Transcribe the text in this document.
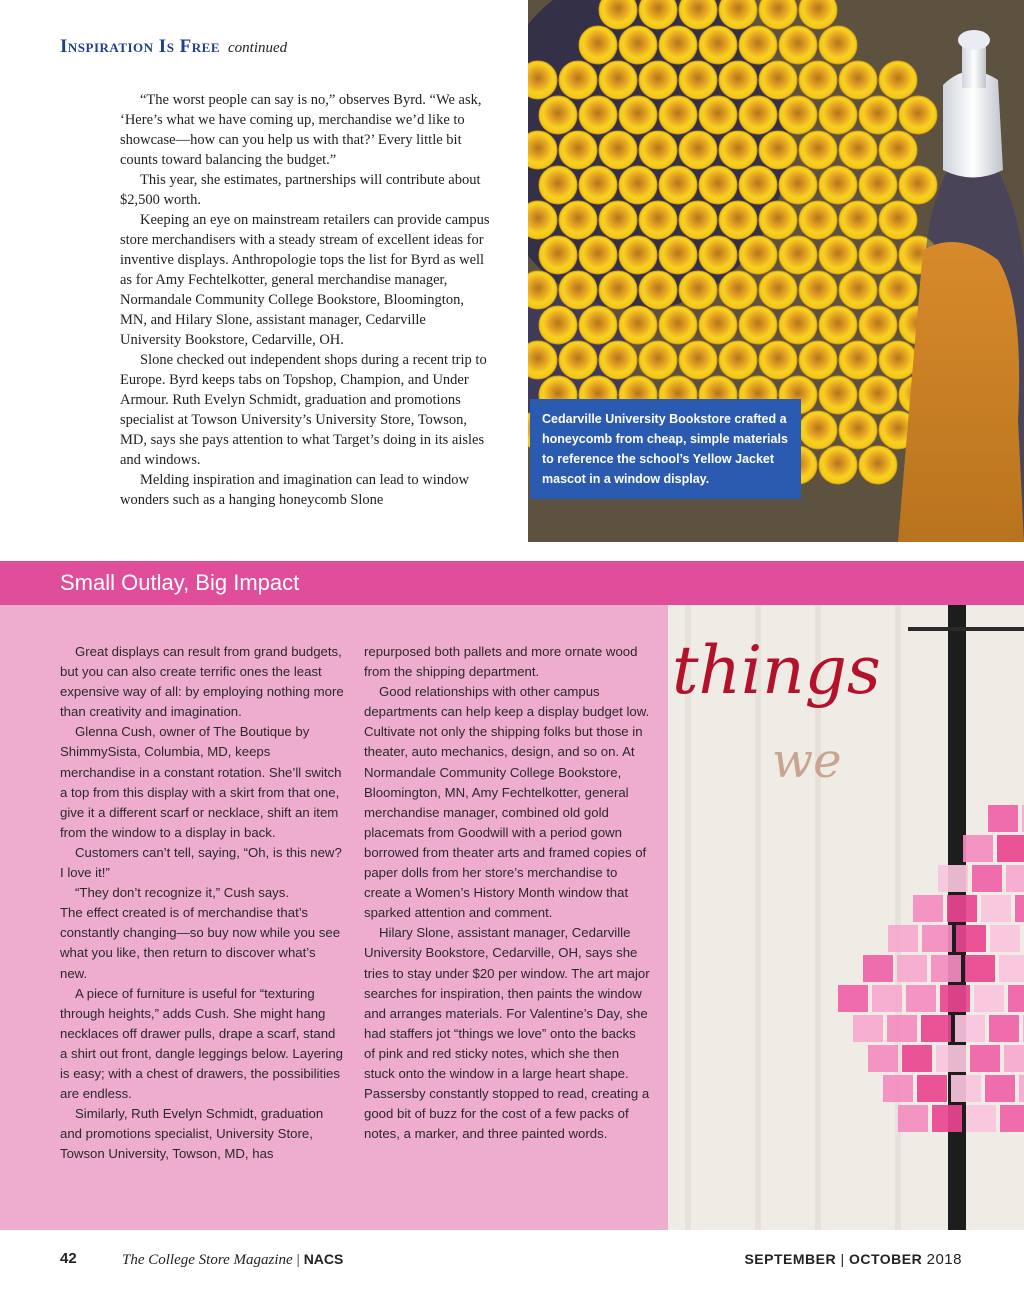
Inspiration Is Free continued

“The worst people can say is no,” observes Byrd. “We ask, ‘Here’s what we have coming up, merchandise we’d like to showcase—how can you help us with that?’ Every little bit counts toward balancing the budget.”

This year, she estimates, partnerships will contribute about $2,500 worth.

Keeping an eye on mainstream retailers can provide campus store merchandisers with a steady stream of excellent ideas for inventive displays. Anthropologie tops the list for Byrd as well as for Amy Fechtelkotter, general merchandise manager, Normandale Community College Bookstore, Bloomington, MN, and Hilary Slone, assistant manager, Cedarville University Bookstore, Cedarville, OH.

Slone checked out independent shops during a recent trip to Europe. Byrd keeps tabs on Topshop, Champion, and Under Armour. Ruth Evelyn Schmidt, graduation and promotions specialist at Towson University’s University Store, Towson, MD, says she pays attention to what Target’s doing in its aisles and windows.

Melding inspiration and imagination can lead to window wonders such as a hanging honeycomb Slone

Cedarville University Bookstore crafted a honeycomb from cheap, simple materials to reference the school’s Yellow Jacket mascot in a window display.
Small Outlay, Big Impact

Great displays can result from grand budgets, but you can also create terrific ones the least expensive way of all: by employing nothing more than creativity and imagination.

Glenna Cush, owner of The Boutique by ShimmySista, Columbia, MD, keeps merchandise in a constant rotation. She’ll switch a top from this display with a skirt from that one, give it a different scarf or necklace, shift an item from the window to a display in back.

Customers can’t tell, saying, “Oh, is this new? I love it!”

“They don’t recognize it,” Cush says.

The effect created is of merchandise that’s constantly changing—so buy now while you see what you like, then return to discover what’s new.

A piece of furniture is useful for “texturing through heights,” adds Cush. She might hang necklaces off drawer pulls, drape a scarf, stand a shirt out front, dangle leggings below. Layering is easy; with a chest of drawers, the possibilities are endless.

Similarly, Ruth Evelyn Schmidt, graduation and promotions specialist, University Store, Towson University, Towson, MD, has

repurposed both pallets and more ornate wood from the shipping department.

Good relationships with other campus departments can help keep a display budget low. Cultivate not only the shipping folks but those in theater, auto mechanics, design, and so on. At Normandale Community College Bookstore, Bloomington, MN, Amy Fechtelkotter, general merchandise manager, combined old gold placemats from Goodwill with a period gown borrowed from theater arts and framed copies of paper dolls from her store’s merchandise to create a Women’s History Month window that sparked attention and comment.

Hilary Slone, assistant manager, Cedarville University Bookstore, Cedarville, OH, says she tries to stay under $20 per window. The art major searches for inspiration, then paints the window and arranges materials. For Valentine’s Day, she had staffers jot “things we love” onto the backs of pink and red sticky notes, which she then stuck onto the window in a large heart shape. Passersby constantly stopped to read, creating a good bit of buzz for the cost of a few packs of notes, a marker, and three painted words.

things
we
42	The College Store Magazine | NACS	SEPTEMBER | OCTOBER 2018
